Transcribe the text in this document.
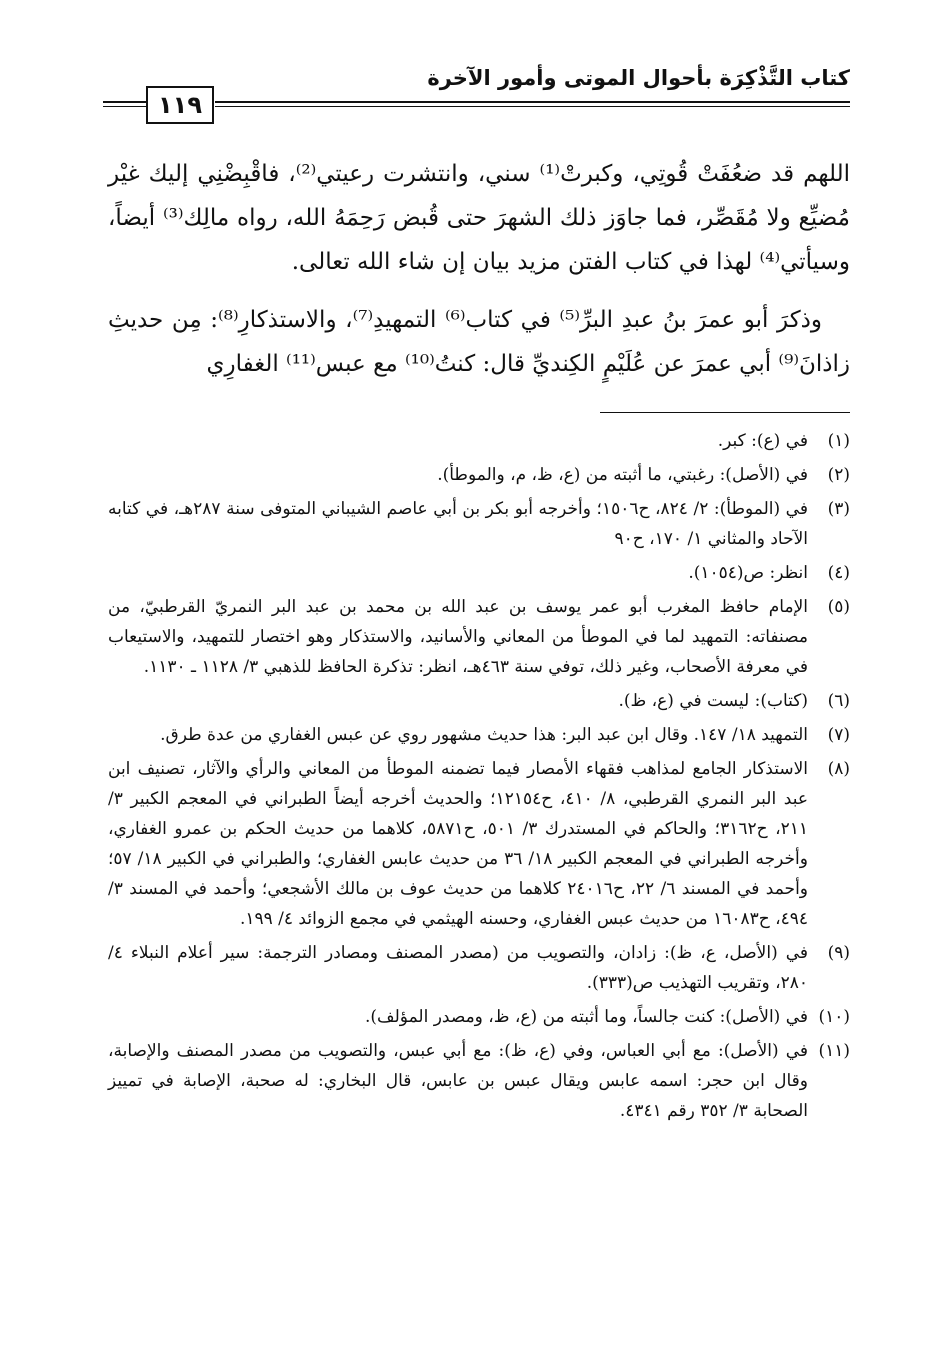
كتاب التَّذْكِرَة بأحوال الموتى وأمور الآخرة
١١٩

اللهم قد ضعُفَتْ قُوتِي، وكبرتْ⁽¹⁾ سني، وانتشرت رعيتي⁽²⁾، فاقْبِضْنِي إليك غيْر مُضيِّع ولا مُقَصِّر، فما جاوَز ذلك الشهرَ حتى قُبض رَحِمَهُ الله، رواه مالِك⁽³⁾ أيضاً، وسيأتي⁽⁴⁾ لهذا في كتاب الفتن مزيد بيان إن شاء الله تعالى.

وذكرَ أبو عمرَ بنُ عبدِ البرِّ⁽⁵⁾ في كتاب⁽⁶⁾ التمهيدِ⁽⁷⁾، والاستذكارِ⁽⁸⁾: مِن حديثِ زاذانَ⁽⁹⁾ أبي عمرَ عن عُلَيْمٍ الكِنديِّ قال: كنتُ⁽¹⁰⁾ مع عبس⁽¹¹⁾ الغفارِي

(١)
في (ع): كبر.
(٢)
في (الأصل): رغبتي، ما أثبته من (ع، ظ، م، والموطأ).
(٣)
في (الموطأ): ٢/ ٨٢٤، ح١٥٠٦؛ وأخرجه أبو بكر بن أبي عاصم الشيباني المتوفى سنة ٢٨٧هـ، في كتابه الآحاد والمثاني ١/ ١٧٠، ح٩٠
(٤)
انظر: ص(١٠٥٤).
(٥)
الإمام حافظ المغرب أبو عمر يوسف بن عبد الله بن محمد بن عبد البر النمريّ القرطبيّ، من مصنفاته: التمهيد لما في الموطأ من المعاني والأسانيد، والاستذكار وهو اختصار للتمهيد، والاستيعاب في معرفة الأصحاب، وغير ذلك، توفي سنة ٤٦٣هـ، انظر: تذكرة الحافظ للذهبي ٣/ ١١٢٨ ـ ١١٣٠.
(٦)
(كتاب): ليست في (ع، ظ).
(٧)
التمهيد ١٨/ ١٤٧. وقال ابن عبد البر: هذا حديث مشهور روي عن عبس الغفاري من عدة طرق.
(٨)
الاستذكار الجامع لمذاهب فقهاء الأمصار فيما تضمنه الموطأ من المعاني والرأي والآثار، تصنيف ابن عبد البر النمري القرطبي، ٨/ ٤١٠، ح١٢١٥٤؛ والحديث أخرجه أيضاً الطبراني في المعجم الكبير ٣/ ٢١١، ح٣١٦٢؛ والحاكم في المستدرك ٣/ ٥٠١، ح٥٨٧١، كلاهما من حديث الحكم بن عمرو الغفاري، وأخرجه الطبراني في المعجم الكبير ١٨/ ٣٦ من حديث عابس الغفاري؛ والطبراني في الكبير ١٨/ ٥٧؛ وأحمد في المسند ٦/ ٢٢، ح٢٤٠١٦ كلاهما من حديث عوف بن مالك الأشجعي؛ وأحمد في المسند ٣/ ٤٩٤، ح١٦٠٨٣ من حديث عبس الغفاري، وحسنه الهيثمي في مجمع الزوائد ٤/ ١٩٩.
(٩)
في (الأصل، ع، ظ): زادان، والتصويب من (مصدر المصنف ومصادر الترجمة: سير أعلام النبلاء ٤/ ٢٨٠، وتقريب التهذيب ص(٣٣٣).
(١٠)
في (الأصل): كنت جالساً، وما أثبته من (ع، ظ، ومصدر المؤلف).
(١١)
في (الأصل): مع أبي العباس، وفي (ع، ظ): مع أبي عبس، والتصويب من مصدر المصنف والإصابة، وقال ابن حجر: اسمه عابس ويقال عبس بن عابس، قال البخاري: له صحبة، الإصابة في تمييز الصحابة ٣/ ٣٥٢ رقم ٤٣٤١.
